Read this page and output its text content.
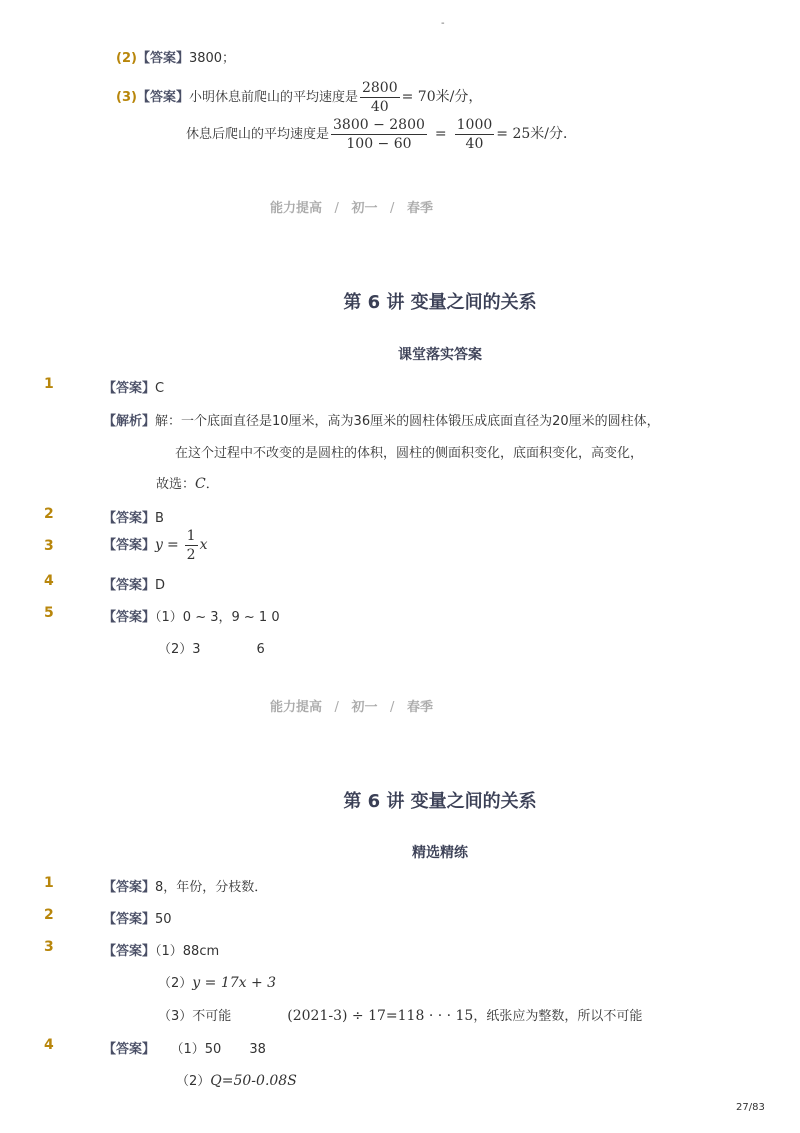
-
(2)【答案】3800；
(3)【答案】小明休息前爬山的平均速度是 $\frac{2800}{40} = 70$米/分，
休息后爬山的平均速度是 $\frac{3800 - 2800}{100 - 60} = \frac{1000}{40} = 25$米/分．
能力提高 / 初一 / 春季
第 6 讲 变量之间的关系
课堂落实答案
1	【答案】C
【解析】解：一个底面直径是10厘米，高为36厘米的圆柱体锻压成底面直径为20厘米的圆柱体，
在这个过程中不改变的是圆柱的体积，圆柱的侧面积变化，底面积变化，高变化，
故选：C．
2	【答案】B
3	【答案】$y = \frac{1}{2}$ x
4	【答案】D
5	【答案】（1）0 ~ 3，9 ~ 1 0
（2）3	6
能力提高 / 初一 / 春季
第 6 讲 变量之间的关系
精选精练
1	【答案】8，年份，分枝数．
2	【答案】50
3	【答案】（1）88cm
（2）y = 17x + 3
（3）不可能	(2021-3) ÷ 17=118 · · · 15，纸张应为整数，所以不可能
4	【答案】 （1）50 38
（2）Q=50-0.08S
27/83
